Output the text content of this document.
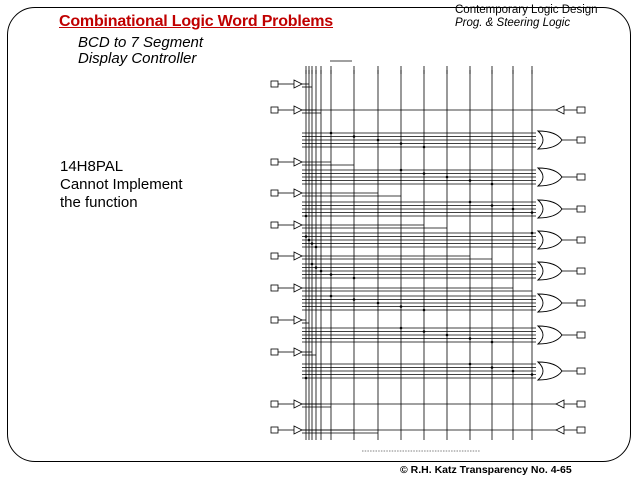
Combinational Logic Word Problems
BCD to 7 Segment
Display Controller
Contemporary Logic Design
Prog. & Steering Logic
14H8PAL
Cannot Implement
the function
© R.H. Katz Transparency No. 4-65
